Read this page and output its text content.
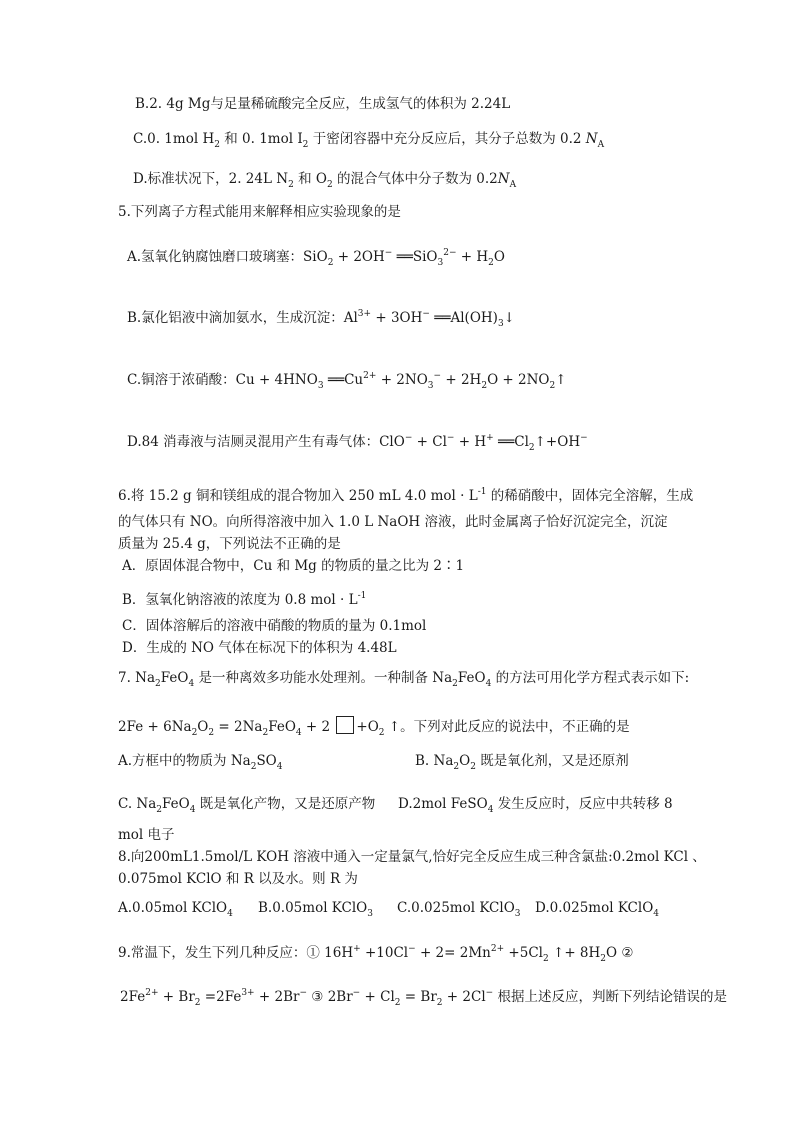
B.2. 4g Mg与足量稀硫酸完全反应，生成氢气的体积为 2.24L
C.0. 1mol $H_2$ 和 0. 1mol $I_2$ 于密闭容器中充分反应后，其分子总数为 0.2 $N_A$
D.标准状况下，2. 24L $N_2$ 和 $O_2$ 的混合气体中分子数为 $0.2N_A$
5.下列离子方程式能用来解释相应实验现象的是
A.氢氧化钠腐蚀磨口玻璃塞：SiO$_2$ + 2OH− ══SiO$_3^{2-}$ + $H_2O$
B.氯化铝液中滴加氨水，生成沉淀：$Al^{3+} + 3OH^-$ $══Al(OH)_3↓$
C.铜溶于浓硝酸：$Cu + 4HNO_3$ $══Cu^{2+} + 2NO_3^- + 2H_2O$ + $2NO_2↑$
D.84 消毒液与洁厕灵混用产生有毒气体：ClO− + Cl− + H+ $══Cl_2↑+OH^-$
6.将 15.2 g 铜和镁组成的混合物加入 250 mL 4.0 mol · $L^{-1}$ 的稀硝酸中，固体完全溶解，生成
的气体只有 NO。向所得溶液中加入 1.0 L NaOH 溶液，此时金属离子恰好沉淀完全，沉淀
质量为 25.4 g，下列说法不正确的是
A．原固体混合物中，Cu 和 Mg 的物质的量之比为 2∶1
B．氢氧化钠溶液的浓度为 0.8 mol · $L^{-1}$
C．固体溶解后的溶液中硝酸的物质的量为 0.1mol
D．生成的 NO 气体在标况下的体积为 4.48L
7. $Na_2FeO_4$ 是一种离效多功能水处理剂。一种制备 $Na_2FeO_4$ 的方法可用化学方程式表示如下:
$2Fe + 6Na_2O_2 = 2Na_2FeO_4 + 2 +O_2$ ↑。下列对此反应的说法中，不正确的是
A.方框中的物质为 $Na_2SO_4$	B. $Na_2O_2$ 既是氧化剂，又是还原剂
C. $Na_2FeO_4$ 既是氧化产物，又是还原产物 D.2mol FeSO$_4$ 发生反应时，反应中共转移 8
mol 电子
8.向200mL1.5mol/L KOH 溶液中通入一定量氯气,恰好完全反应生成三种含氯盐:0.2mol KCl 、
0.075mol KClO 和 R 以及水。则 R 为
A.0.05mol KClO$_4$ B.0.05mol KClO$_3$ C.0.025mol KClO$_3$ D.0.025mol KClO$_4$
9.常温下，发生下列几种反应：① $16H^+ +10Cl^- + 2= 2Mn^{2+} +5Cl_2$ ↑+ $8H_2O$ ②
$2Fe^{2+} + Br_2 =2Fe^{3+} + 2Br^-$ ③ $2Br^- + Cl_2 = Br_2 + 2Cl^-$ 根据上述反应，判断下列结论错误的是
